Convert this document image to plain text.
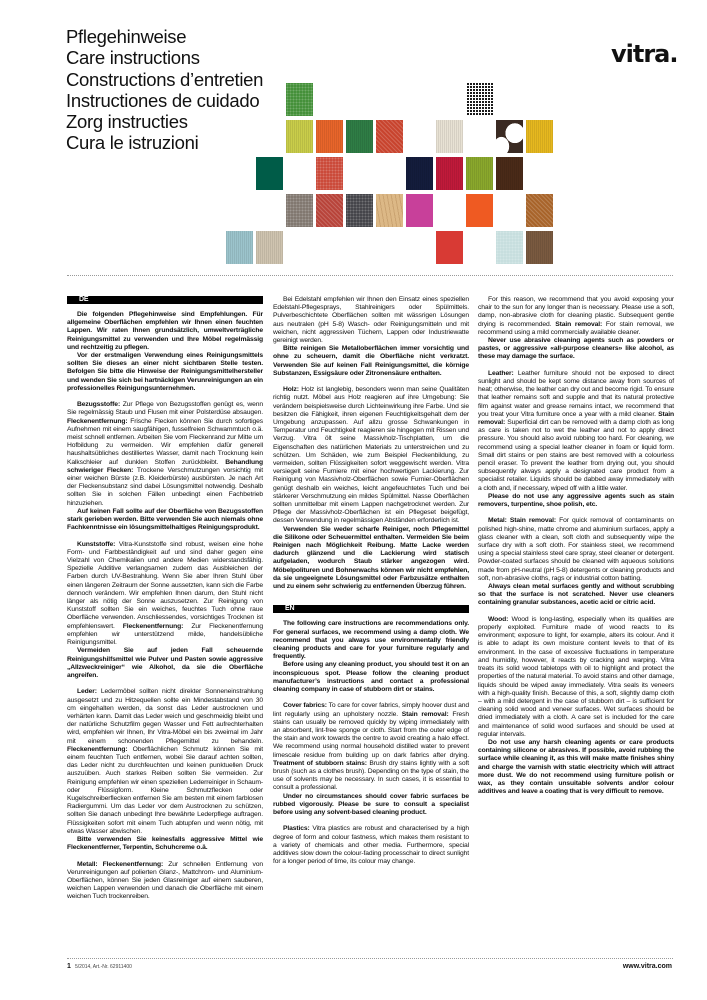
Pflegehinweise
Care instructions
Constructions d’entretien
Instructiones de cuidado
Zorg instructies
Cura le istruzioni
vitra.
DE

Die folgenden Pflegehinweise sind Empfehlungen. Für allgemeine Oberflächen empfehlen wir Ihnen einen feuchten Lappen. Wir raten Ihnen grundsätzlich, umweltverträgliche Reinigungsmittel zu verwenden und Ihre Möbel regelmässig und rechtzeitig zu pflegen.

Vor der erstmaligen Verwendung eines Reinigungsmittels sollten Sie dieses an einer nicht sichtbaren Stelle testen. Befolgen Sie bitte die Hinweise der Reinigungsmittelhersteller und wenden Sie sich bei hartnäckigen Verunreinigungen an ein professionelles Reinigungsunternehmen.

Bezugsstoffe: Zur Pflege von Bezugsstoffen genügt es, wenn Sie regelmässig Staub und Flusen mit einer Polsterdüse absaugen. Fleckenentfernung: Frische Flecken können Sie durch sofortiges Aufnehmen mit einem saugfähigen, fusselfreien Schwammtuch o.ä. meist schnell entfernen. Arbeiten Sie vom Fleckenrand zur Mitte um Hofbildung zu vermeiden. Wir empfehlen dafür generell haushaltsübliches destilliertes Wasser, damit nach Trocknung kein Kalkschleier auf dunklen Stoffen zurückbleibt. Behandlung schwieriger Flecken: Trockene Verschmutzungen vorsichtig mit einer weichen Bürste (z.B. Kleiderbürste) ausbürsten. Je nach Art der Fleckensubstanz sind dabei Lösungsmittel notwendig. Deshalb sollten Sie in solchen Fällen unbedingt einen Fachbetrieb hinzuziehen.

Auf keinen Fall sollte auf der Oberfläche von Bezugsstoffen stark gerieben werden. Bitte verwenden Sie auch niemals ohne Fachkenntnisse ein lösungsmittelhaltiges Reinigungsprodukt.

Kunststoffe: Vitra-Kunststoffe sind robust, weisen eine hohe Form- und Farbbeständigkeit auf und sind daher gegen eine Vielzahl von Chemikalien und andere Medien widerstandsfähig. Spezielle Additive verlangsamen zudem das Ausbleichen der Farben durch UV-Bestrahlung. Wenn Sie aber Ihren Stuhl über einen längeren Zeitraum der Sonne aussetzten, kann sich die Farbe dennoch verändern. Wir empfehlen Ihnen darum, den Stuhl nicht länger als nötig der Sonne auszusetzen. Zur Reinigung von Kunststoff sollten Sie ein weiches, feuchtes Tuch ohne raue Oberfläche verwenden. Anschliessendes, vorsichtiges Trocknen ist empfehlenswert. Fleckenentfernung: Zur Fleckenentfernung empfehlen wir unterstützend milde, handelsübliche Reinigungsmittel.

Vermeiden Sie auf jeden Fall scheuernde Reinigungshilfsmittel wie Pulver und Pasten sowie aggressive „Allzweckreiniger“ wie Alkohol, da sie die Oberfläche angreifen.

Leder: Ledermöbel sollten nicht direkter Sonneneinstrahlung ausgesetzt und zu Hitzequellen sollte ein Mindestabstand von 30 cm eingehalten werden, da sonst das Leder austrocknen und verhärten kann. Damit das Leder weich und geschmeidig bleibt und der natürliche Schutzfilm gegen Wasser und Fett aufrechterhalten wird, empfehlen wir Ihnen, Ihr Vitra-Möbel ein bis zweimal im Jahr mit einem schonenden Pflegemittel zu behandeln. Fleckenentfernung: Oberflächlichen Schmutz können Sie mit einem feuchten Tuch entfernen, wobei Sie darauf achten sollten, das Leder nicht zu durchfeuchten und keinen punktuellen Druck auszuüben. Auch starkes Reiben sollten Sie vermeiden. Zur Reinigung empfehlen wir einen speziellen Lederreiniger in Schaum- oder Flüssigform. Kleine Schmutzflecken oder Kugelschreiberflecken entfernen Sie am besten mit einem farblosen Radiergummi. Um das Leder vor dem Austrocknen zu schützen, sollten Sie danach unbedingt Ihre bewährte Lederpflege auftragen. Flüssigkeiten sofort mit einem Tuch abtupfen und wenn nötig, mit etwas Wasser abwischen.

Bitte verwenden Sie keinesfalls aggressive Mittel wie Fleckenentferner, Terpentin, Schuhcreme o.ä.

Metall: Fleckenentfernung: Zur schnellen Entfernung von Verunreinigungen auf polierten Glanz-, Mattchrom- und Aluminium-Oberflächen, können Sie jeden Glasreiniger auf einem sauberen, weichen Lappen verwenden und danach die Oberfläche mit einem weichen Tuch trockenreiben.

Bei Edelstahl empfehlen wir Ihnen den Einsatz eines speziellen Edelstahl-Pflegesprays, Stahlreinigers oder Spülmittels. Pulverbeschichtete Oberflächen sollten mit wässrigen Lösungen aus neutralen (pH 5-8) Wasch- oder Reinigungsmitteln und mit weichen, nicht aggressiven Tüchern, Lappen oder Industriewatte gereinigt werden.

Bitte reinigen Sie Metalloberflächen immer vorsichtig und ohne zu scheuern, damit die Oberfläche nicht verkratzt. Verwenden Sie auf keinen Fall Reinigungsmittel, die körnige Substanzen, Essigsäure oder Zitronensäure enthalten.

Holz: Holz ist langlebig, besonders wenn man seine Qualitäten richtig nutzt. Möbel aus Holz reagieren auf ihre Umgebung: Sie verändern beispielsweise durch Lichteinwirkung ihre Farbe. Und sie besitzen die Fähigkeit, ihren eigenen Feuchtigkeitsgehalt dem der Umgebung anzupassen. Auf allzu grosse Schwankungen in Temperatur und Feuchtigkeit reagieren sie hingegen mit Rissen und Verzug. Vitra ölt seine Massivholz-Tischplatten, um die Eigenschaften des natürlichen Materials zu unterstreichen und zu schützen. Um Schäden, wie zum Beispiel Fleckenbildung, zu vermeiden, sollten Flüssigkeiten sofort weggewischt werden. Vitra versiegelt seine Furniere mit einer hochwertigen Lackierung. Zur Reinigung von Massivholz-Oberflächen sowie Furnier-Oberflächen genügt deshalb ein weiches, leicht angefeuchtetes Tuch und bei stärkerer Verschmutzung ein mildes Spülmittel. Nasse Oberflächen sollten unmittelbar mit einem Lappen nachgetrocknet werden. Zur Pflege der Massivholz-Oberflächen ist ein Pflegeset beigefügt, dessen Verwendung in regelmässigen Abständen erforderlich ist.

Verwenden Sie weder scharfe Reiniger, noch Pflegemittel die Silikone oder Scheuermittel enthalten. Vermeiden Sie beim Reinigen nach Möglichkeit Reibung. Matte Lacke werden dadurch glänzend und die Lackierung wird statisch aufgeladen, wodurch Staub stärker angezogen wird. Möbelpolituren und Bohnerwachs können wir nicht empfehlen, da sie ungeeignete Lösungsmittel oder Farbzusätze enthalten und zu einem sehr schwierig zu entfernenden Überzug führen.

EN

The following care instructions are recommendations only. For general surfaces, we recommend using a damp cloth. We recommend that you always use environmentally friendly cleaning products and care for your furniture regularly and frequently.

Before using any cleaning product, you should test it on an inconspicuous spot. Please follow the cleaning product manufacturer’s instructions and contact a professional cleaning company in case of stubborn dirt or stains.

Cover fabrics: To care for cover fabrics, simply hoover dust and lint regularly using an upholstery nozzle. Stain removal: Fresh stains can usually be removed quickly by wiping immediately with an absorbent, lint-free sponge or cloth. Start from the outer edge of the stain and work towards the centre to avoid creating a halo effect. We recommend using normal household distilled water to prevent limescale residue from building up on dark fabrics after drying. Treatment of stubborn stains: Brush dry stains lightly with a soft brush (such as a clothes brush). Depending on the type of stain, the use of solvents may be necessary. In such cases, it is essential to consult a professional.

Under no circumstances should cover fabric surfaces be rubbed vigorously. Please be sure to consult a specialist before using any solvent-based cleaning product.

Plastics: Vitra plastics are robust and characterised by a high degree of form and colour fastness, which makes them resistant to a variety of chemicals and other media. Furthermore, special additives slow down the colour-fading processchair to direct sunlight for a longer period of time, its colour may change.

For this reason, we recommend that you avoid exposing your chair to the sun for any longer than is necessary. Please use a soft, damp, non-abrasive cloth for cleaning plastic. Subsequent gentle drying is recommended. Stain removal: For stain removal, we recommend using a mild commercially available cleaner.

Never use abrasive cleaning agents such as powders or pastes, or aggressive «all-purpose cleaners» like alcohol, as these may damage the surface.

Leather: Leather furniture should not be exposed to direct sunlight and should be kept some distance away from sources of heat; otherwise, the leather can dry out and become rigid. To ensure that leather remains soft and supple and that its natural protective film against water and grease remains intact, we recommend that you treat your Vitra furniture once a year with a mild cleaner. Stain removal: Superficial dirt can be removed with a damp cloth as long as care is taken not to wet the leather and not to apply direct pressure. You should also avoid rubbing too hard. For cleaning, we recommend using a special leather cleaner in foam or liquid form. Small dirt stains or pen stains are best removed with a colourless pencil eraser. To prevent the leather from drying out, you should subsequently always apply a designated care product from a specialist retailer. Liquids should be dabbed away immediately with a cloth and, if necessary, wiped off with a little water.

Please do not use any aggressive agents such as stain removers, turpentine, shoe polish, etc.

Metal: Stain removal: For quick removal of contaminants on polished high-shine, matte chrome and aluminium surfaces, apply a glass cleaner with a clean, soft cloth and subsequently wipe the surface dry with a soft cloth. For stainless steel, we recommend using a special stainless steel care spray, steel cleaner or detergent. Powder-coated surfaces should be cleaned with aqueous solutions made from pH-neutral (pH 5-8) detergents or cleaning products and soft, non-abrasive cloths, rags or industrial cotton batting.

Always clean metal surfaces gently and without scrubbing so that the surface is not scratched. Never use cleaners containing granular substances, acetic acid or citric acid.

Wood: Wood is long-lasting, especially when its qualities are properly exploited. Furniture made of wood reacts to its environment; exposure to light, for example, alters its colour. And it is able to adapt its own moisture content levels to that of its environment. In the case of excessive fluctuations in temperature and humidity, however, it reacts by cracking and warping. Vitra treats its solid wood tabletops with oil to highlight and protect the properties of the natural material. To avoid stains and other damage, liquids should be wiped away immediately. Vitra seals its veneers with a high-quality finish. Because of this, a soft, slightly damp cloth – with a mild detergent in the case of stubborn dirt – is sufficient for cleaning solid wood and veneer surfaces. Wet surfaces should be dried immediately with a cloth. A care set is included for the care and maintenance of solid wood surfaces and should be used at regular intervals.

Do not use any harsh cleaning agents or care products containing silicone or abrasives. If possible, avoid rubbing the surface while cleaning it, as this will make matte finishes shiny and charge the varnish with static electricity which will attract more dust. We do not recommend using furniture polish or wax, as they contain unsuitable solvents and/or colour additives and leave a coating that is very difficult to remove.

1 5/2014, Art.-Nr. 62911400	www.vitra.com
